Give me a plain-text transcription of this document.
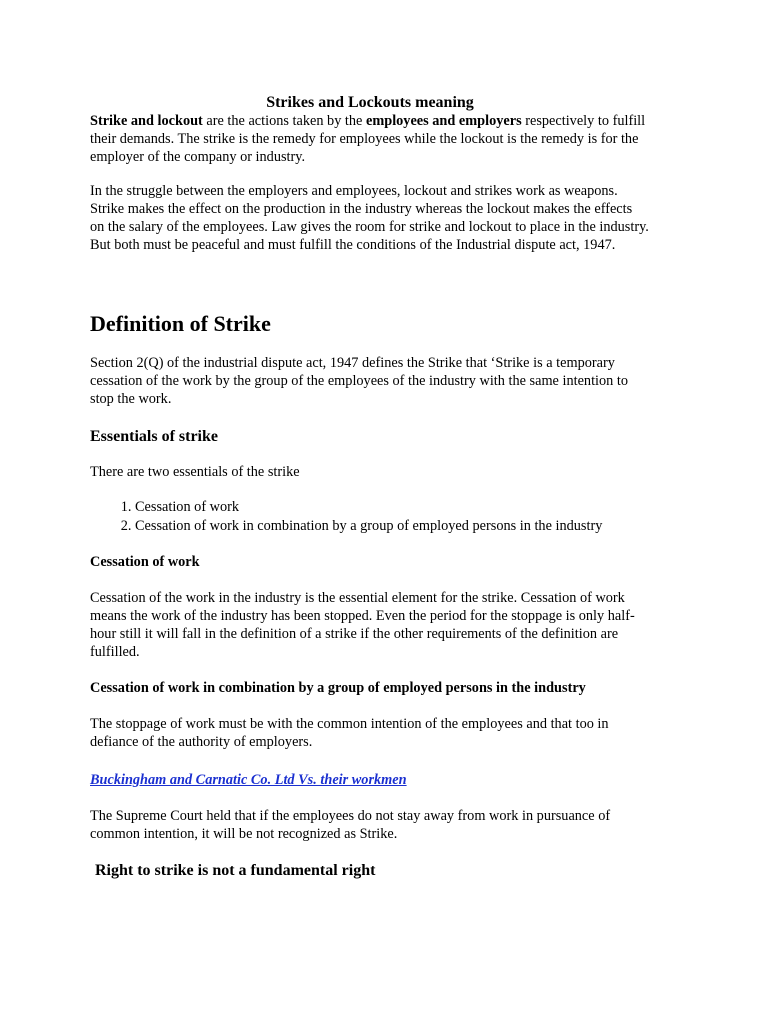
Strikes and Lockouts meaning

Strike and lockout are the actions taken by the employees and employers respectively to fulfill their demands. The strike is the remedy for employees while the lockout is the remedy is for the employer of the company or industry.

In the struggle between the employers and employees, lockout and strikes work as weapons. Strike makes the effect on the production in the industry whereas the lockout makes the effects on the salary of the employees. Law gives the room for strike and lockout to place in the industry. But both must be peaceful and must fulfill the conditions of the Industrial dispute act, 1947.

Definition of Strike

Section 2(Q) of the industrial dispute act, 1947 defines the Strike that ‘Strike is a temporary cessation of the work by the group of the employees of the industry with the same intention to stop the work.

Essentials of strike

There are two essentials of the strike

1. Cessation of work
2. Cessation of work in combination by a group of employed persons in the industry
Cessation of work

Cessation of the work in the industry is the essential element for the strike. Cessation of work means the work of the industry has been stopped. Even the period for the stoppage is only half-hour still it will fall in the definition of a strike if the other requirements of the definition are fulfilled.

Cessation of work in combination by a group of employed persons in the industry

The stoppage of work must be with the common intention of the employees and that too in defiance of the authority of employers.

Buckingham and Carnatic Co. Ltd Vs. their workmen

The Supreme Court held that if the employees do not stay away from work in pursuance of common intention, it will be not recognized as Strike.

Right to strike is not a fundamental right
